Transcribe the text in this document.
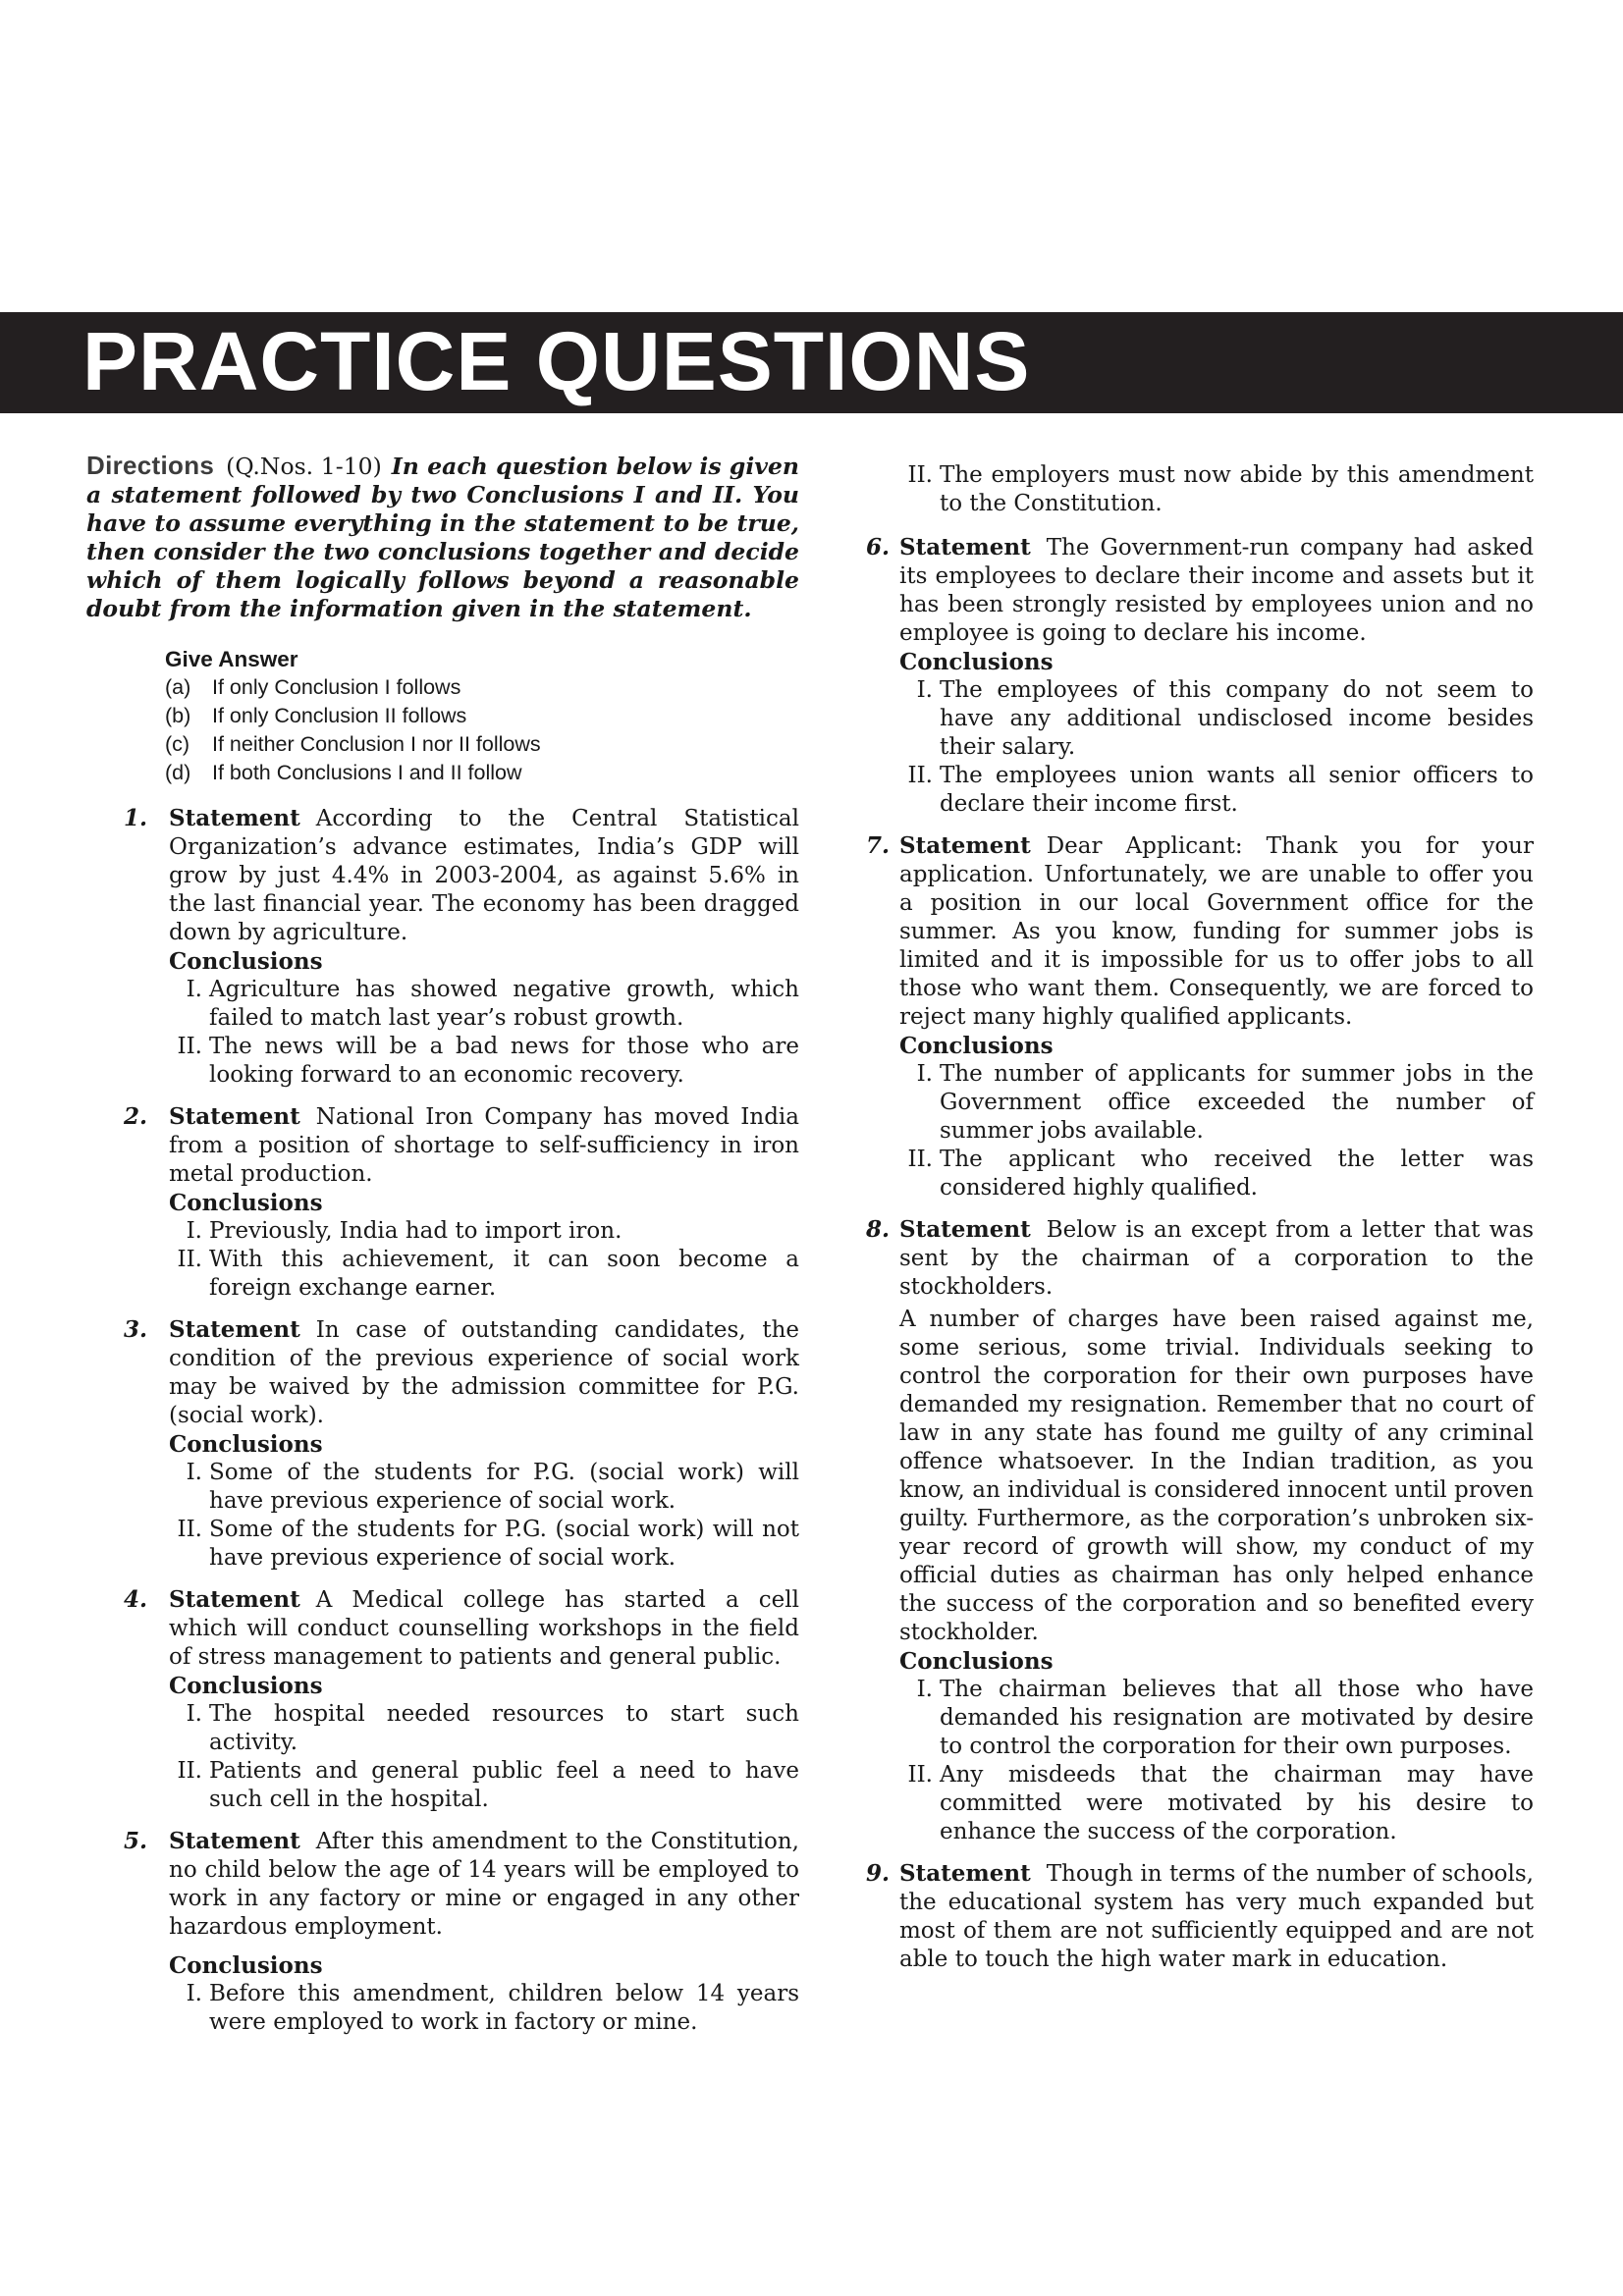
PRACTICE QUESTIONS

Directions (Q.Nos. 1-10) In each question below is given a statement followed by two Conclusions I and II. You have to assume everything in the statement to be true, then consider the two conclusions together and decide which of them logically follows beyond a reasonable doubt from the information given in the statement.

Give Answer
(a)	If only Conclusion I follows
(b)	If only Conclusion II follows
(c)	If neither Conclusion I nor II follows
(d)	If both Conclusions I and II follow
1. Statement According to the Central Statistical Organization’s advance estimates, India’s GDP will grow by just 4.4% in 2003-2004, as against 5.6% in the last financial year. The economy has been dragged down by agriculture.

Conclusions

I. Agriculture has showed negative growth, which failed to match last year’s robust growth.
II. The news will be a bad news for those who are looking forward to an economic recovery.
2. Statement National Iron Company has moved India from a position of shortage to self-sufficiency in iron metal production.

Conclusions

I. Previously, India had to import iron.
II. With this achievement, it can soon become a foreign exchange earner.
3. Statement In case of outstanding candidates, the condition of the previous experience of social work may be waived by the admission committee for P.G. (social work).

Conclusions

I. Some of the students for P.G. (social work) will have previous experience of social work.
II. Some of the students for P.G. (social work) will not have previous experience of social work.
4. Statement A Medical college has started a cell which will conduct counselling workshops in the field of stress management to patients and general public.

Conclusions

I. The hospital needed resources to start such activity.
II. Patients and general public feel a need to have such cell in the hospital.
5. Statement After this amendment to the Constitution, no child below the age of 14 years will be employed to work in any factory or mine or engaged in any other hazardous employment.

Conclusions

I. Before this amendment, children below 14 years were employed to work in factory or mine.
II. The employers must now abide by this amendment to the Constitution.
6. Statement The Government-run company had asked its employees to declare their income and assets but it has been strongly resisted by employees union and no employee is going to declare his income.

Conclusions

I. The employees of this company do not seem to have any additional undisclosed income besides their salary.
II. The employees union wants all senior officers to declare their income first.
7. Statement Dear Applicant: Thank you for your application. Unfortunately, we are unable to offer you a position in our local Government office for the summer. As you know, funding for summer jobs is limited and it is impossible for us to offer jobs to all those who want them. Consequently, we are forced to reject many highly qualified applicants.

Conclusions

I. The number of applicants for summer jobs in the Government office exceeded the number of summer jobs available.
II. The applicant who received the letter was considered highly qualified.
8. Statement Below is an except from a letter that was sent by the chairman of a corporation to the stockholders.

A number of charges have been raised against me, some serious, some trivial. Individuals seeking to control the corporation for their own purposes have demanded my resignation. Remember that no court of law in any state has found me guilty of any criminal offence whatsoever. In the Indian tradition, as you know, an individual is considered innocent until proven guilty. Furthermore, as the corporation’s unbroken six-year record of growth will show, my conduct of my official duties as chairman has only helped enhance the success of the corporation and so benefited every stockholder.

Conclusions

I. The chairman believes that all those who have demanded his resignation are motivated by desire to control the corporation for their own purposes.
II. Any misdeeds that the chairman may have committed were motivated by his desire to enhance the success of the corporation.
9. Statement Though in terms of the number of schools, the educational system has very much expanded but most of them are not sufficiently equipped and are not able to touch the high water mark in education.
